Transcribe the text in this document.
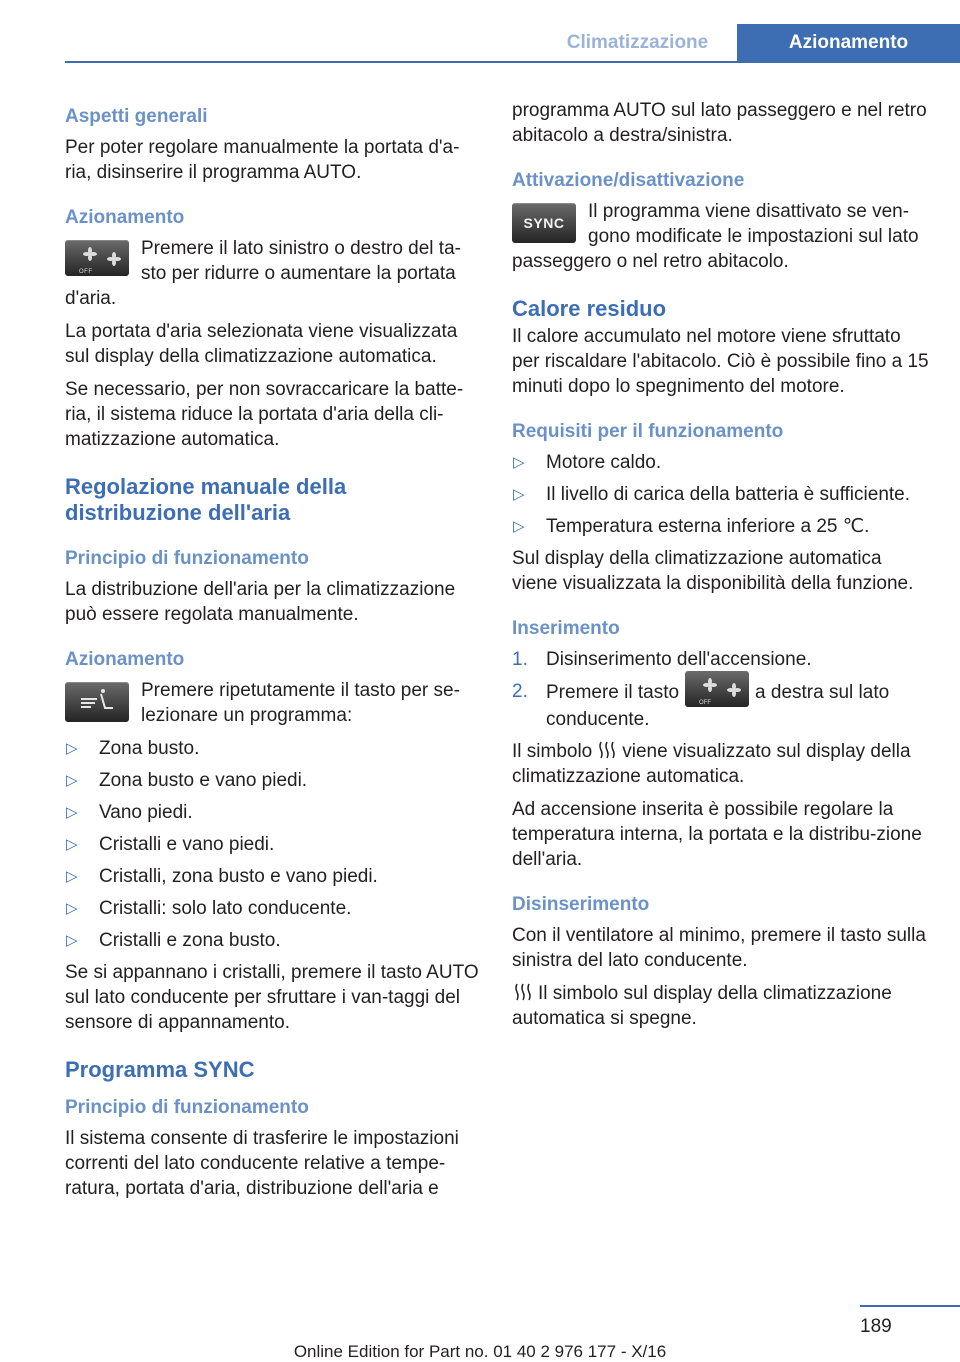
Climatizzazione	Azionamento
Aspetti generali

Per poter regolare manualmente la portata d'a-ria, disinserire il programma AUTO.

Azionamento
OFF
Premere il lato sinistro o destro del ta-sto per ridurre o aumentare la portata d'aria.

La portata d'aria selezionata viene visualizzata sul display della climatizzazione automatica.

Se necessario, per non sovraccaricare la batte-ria, il sistema riduce la portata d'aria della cli-matizzazione automatica.

Regolazione manuale della distribuzione dell'aria
Principio di funzionamento

La distribuzione dell'aria per la climatizzazione può essere regolata manualmente.

Azionamento
Premere ripetutamente il tasto per se-lezionare un programma:
▷ Zona busto.
▷ Zona busto e vano piedi.
▷ Vano piedi.
▷ Cristalli e vano piedi.
▷ Cristalli, zona busto e vano piedi.
▷ Cristalli: solo lato conducente.
▷ Cristalli e zona busto.

Se si appannano i cristalli, premere il tasto AUTO sul lato conducente per sfruttare i van-taggi del sensore di appannamento.

Programma SYNC
Principio di funzionamento

Il sistema consente di trasferire le impostazioni correnti del lato conducente relative a tempe-ratura, portata d'aria, distribuzione dell'aria e

programma AUTO sul lato passeggero e nel retro abitacolo a destra/sinistra.

Attivazione/disattivazione
SYNC
Il programma viene disattivato se ven-gono modificate le impostazioni sul lato passeggero o nel retro abitacolo.
Calore residuo

Il calore accumulato nel motore viene sfruttato per riscaldare l'abitacolo. Ciò è possibile fino a 15 minuti dopo lo spegnimento del motore.

Requisiti per il funzionamento
▷ Motore caldo.
▷ Il livello di carica della batteria è sufficiente.
▷ Temperatura esterna inferiore a 25 ℃.

Sul display della climatizzazione automatica viene visualizzata la disponibilità della funzione.

Inserimento
1. Disinserimento dell'accensione.
2. Premere il tasto	OFF a destra sul lato conducente.

Il simbolo viene visualizzato sul display della climatizzazione automatica.

Ad accensione inserita è possibile regolare la temperatura interna, la portata e la distribu-zione dell'aria.

Disinserimento

Con il ventilatore al minimo, premere il tasto sulla sinistra del lato conducente.

Il simbolo sul display della climatizzazione automatica si spegne.

189
Online Edition for Part no. 01 40 2 976 177 - X/16
